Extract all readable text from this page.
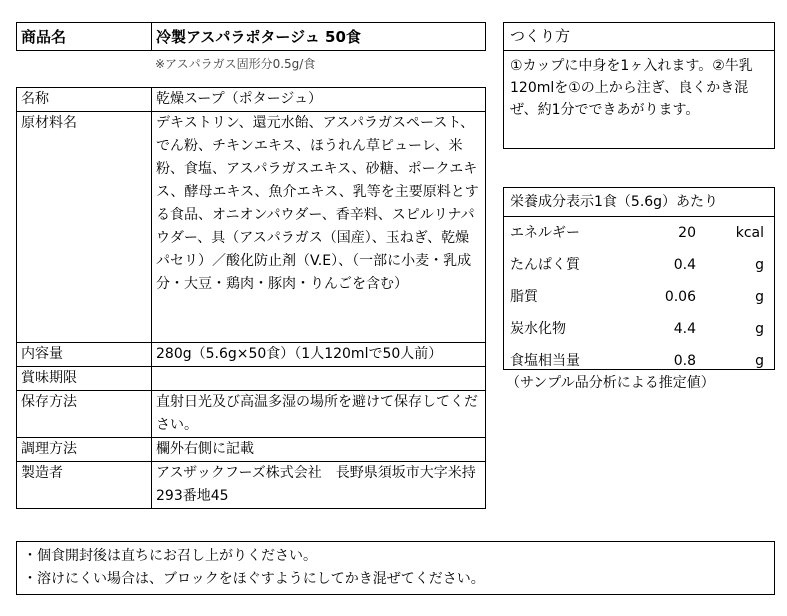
商品名	冷製アスパラポタージュ 50食
※アスパラガス固形分0.5g/食
名称	乾燥スープ（ポタージュ）
原材料名	デキストリン、還元水飴、アスパラガスペースト、でん粉、チキンエキス、ほうれん草ピューレ、米粉、食塩、アスパラガスエキス、砂糖、ポークエキス、酵母エキス、魚介エキス、乳等を主要原料とする食品、オニオンパウダー、香辛料、スピルリナパウダー、具（アスパラガス（国産）、玉ねぎ、乾燥パセリ）／酸化防止剤（V.E）、（一部に小麦・乳成分・大豆・鶏肉・豚肉・りんごを含む）

内容量	280g（5.6g×50食）（1人120mlで50人前）
賞味期限	
保存方法	直射日光及び高温多湿の場所を避けて保存してください。
調理方法	欄外右側に記載
製造者	アスザックフーズ株式会社　長野県須坂市大字米持293番地45
つくり方
①カップに中身を1ヶ入れます。②牛乳120mlを①の上から注ぎ、良くかき混ぜ、約1分でできあがります。
栄養成分表示1食（5.6g）あたり
エネルギー	20	kcal
たんぱく質	0.4	g
脂質	0.06	g
炭水化物	4.4	g
食塩相当量	0.8	g
（サンプル品分析による推定値）
・個食開封後は直ちにお召し上がりください。
・溶けにくい場合は、ブロックをほぐすようにしてかき混ぜてください。
